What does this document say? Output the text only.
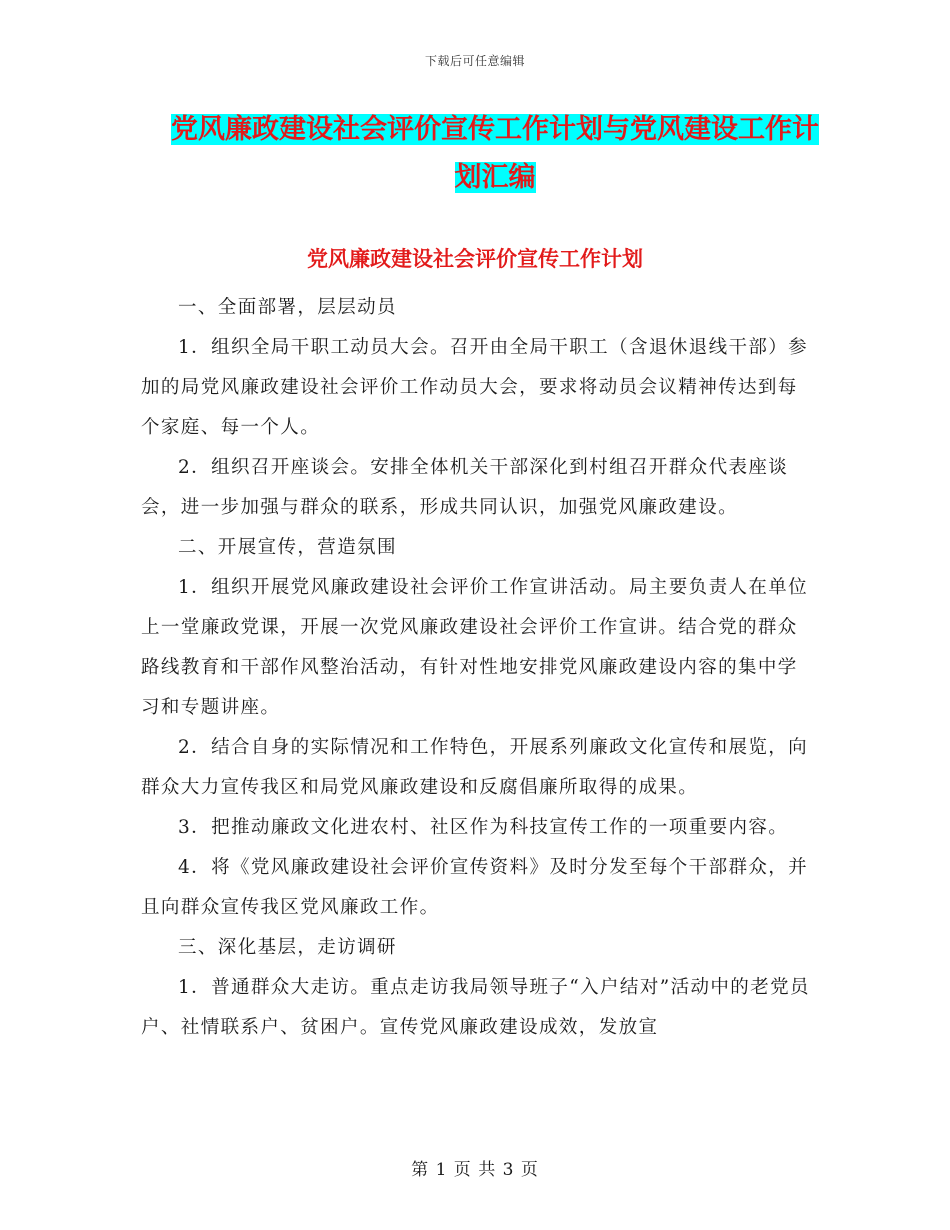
下载后可任意编辑
党风廉政建设社会评价宣传工作计划与党风建设工作计划汇编
党风廉政建设社会评价宣传工作计划

一、全面部署，层层动员

1．组织全局干职工动员大会。召开由全局干职工（含退休退线干部）参加的局党风廉政建设社会评价工作动员大会，要求将动员会议精神传达到每个家庭、每一个人。

2．组织召开座谈会。安排全体机关干部深化到村组召开群众代表座谈会，进一步加强与群众的联系，形成共同认识，加强党风廉政建设。

二、开展宣传，营造氛围

1．组织开展党风廉政建设社会评价工作宣讲活动。局主要负责人在单位上一堂廉政党课，开展一次党风廉政建设社会评价工作宣讲。结合党的群众路线教育和干部作风整治活动，有针对性地安排党风廉政建设内容的集中学习和专题讲座。

2．结合自身的实际情况和工作特色，开展系列廉政文化宣传和展览，向群众大力宣传我区和局党风廉政建设和反腐倡廉所取得的成果。

3．把推动廉政文化进农村、社区作为科技宣传工作的一项重要内容。

4．将《党风廉政建设社会评价宣传资料》及时分发至每个干部群众，并且向群众宣传我区党风廉政工作。

三、深化基层，走访调研

1．普通群众大走访。重点走访我局领导班子“入户结对”活动中的老党员户、社情联系户、贫困户。宣传党风廉政建设成效，发放宣

第 1 页 共 3 页
